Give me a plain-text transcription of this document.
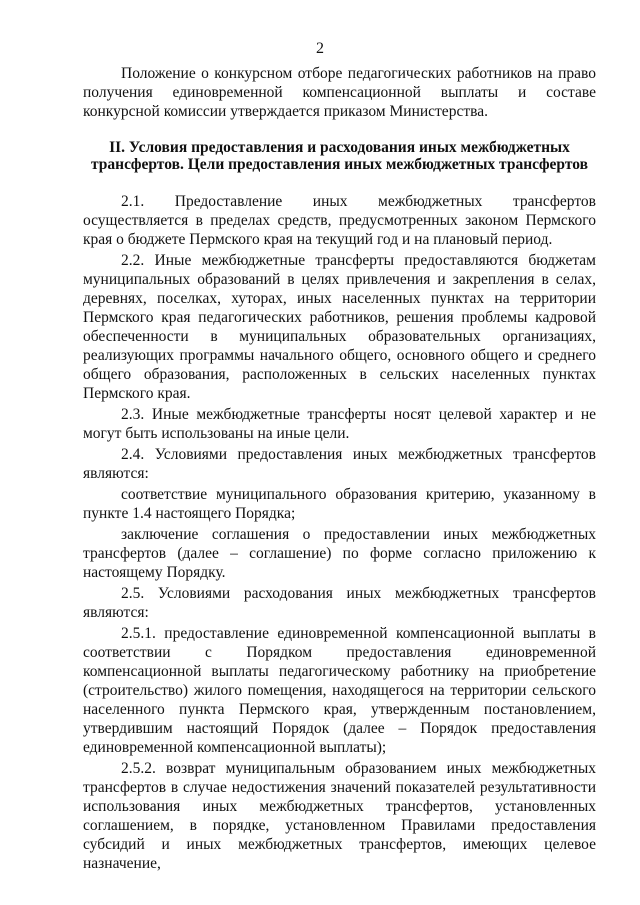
2

Положение о конкурсном отборе педагогических работников на право получения единовременной компенсационной выплаты и составе конкурсной комиссии утверждается приказом Министерства.

II. Условия предоставления и расходования иных межбюджетных
трансфертов. Цели предоставления иных межбюджетных трансфертов

2.1. Предоставление иных межбюджетных трансфертов осуществляется в пределах средств, предусмотренных законом Пермского края о бюджете Пермского края на текущий год и на плановый период.

2.2. Иные межбюджетные трансферты предоставляются бюджетам муниципальных образований в целях привлечения и закрепления в селах, деревнях, поселках, хуторах, иных населенных пунктах на территории Пермского края педагогических работников, решения проблемы кадровой обеспеченности в муниципальных образовательных организациях, реализующих программы начального общего, основного общего и среднего общего образования, расположенных в сельских населенных пунктах Пермского края.

2.3. Иные межбюджетные трансферты носят целевой характер и не могут быть использованы на иные цели.

2.4. Условиями предоставления иных межбюджетных трансфертов являются:

соответствие муниципального образования критерию, указанному в пункте 1.4 настоящего Порядка;

заключение соглашения о предоставлении иных межбюджетных трансфертов (далее – соглашение) по форме согласно приложению к настоящему Порядку.

2.5. Условиями расходования иных межбюджетных трансфертов являются:

2.5.1. предоставление единовременной компенсационной выплаты в соответствии с Порядком предоставления единовременной компенсационной выплаты педагогическому работнику на приобретение (строительство) жилого помещения, находящегося на территории сельского населенного пункта Пермского края, утвержденным постановлением, утвердившим настоящий Порядок (далее – Порядок предоставления единовременной компенсационной выплаты);

2.5.2. возврат муниципальным образованием иных межбюджетных трансфертов в случае недостижения значений показателей результативности использования иных межбюджетных трансфертов, установленных соглашением, в порядке, установленном Правилами предоставления субсидий и иных межбюджетных трансфертов, имеющих целевое назначение,
